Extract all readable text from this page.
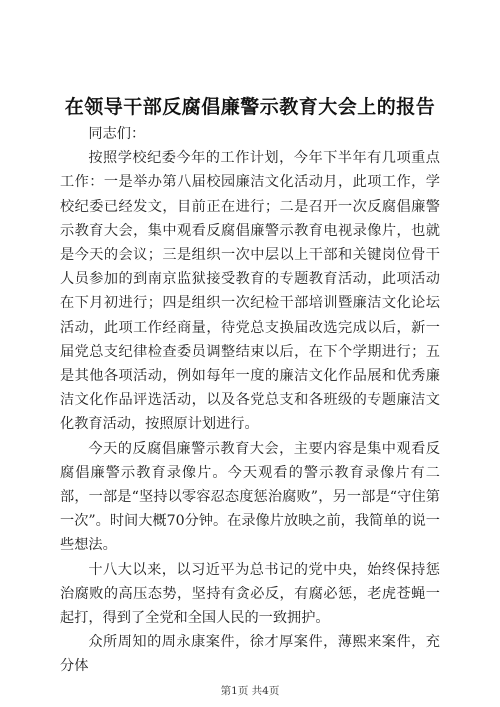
在领导干部反腐倡廉警示教育大会上的报告

同志们：

按照学校纪委今年的工作计划，今年下半年有几项重点工作：一是举办第八届校园廉洁文化活动月，此项工作，学校纪委已经发文，目前正在进行；二是召开一次反腐倡廉警示教育大会，集中观看反腐倡廉警示教育电视录像片，也就是今天的会议；三是组织一次中层以上干部和关键岗位骨干人员参加的到南京监狱接受教育的专题教育活动，此项活动在下月初进行；四是组织一次纪检干部培训暨廉洁文化论坛活动，此项工作经商量，待党总支换届改选完成以后，新一届党总支纪律检查委员调整结束以后，在下个学期进行；五是其他各项活动，例如每年一度的廉洁文化作品展和优秀廉洁文化作品评选活动，以及各党总支和各班级的专题廉洁文化教育活动，按照原计划进行。

今天的反腐倡廉警示教育大会，主要内容是集中观看反腐倡廉警示教育录像片。今天观看的警示教育录像片有二部，一部是“坚持以零容忍态度惩治腐败”，另一部是“守住第一次”。时间大概70分钟。在录像片放映之前，我简单的说一些想法。

十八大以来，以习近平为总书记的党中央，始终保持惩治腐败的高压态势，坚持有贪必反，有腐必惩，老虎苍蝇一起打，得到了全党和全国人民的一致拥护。

众所周知的周永康案件，徐才厚案件，薄熙来案件，充分体

第1页 共4页
